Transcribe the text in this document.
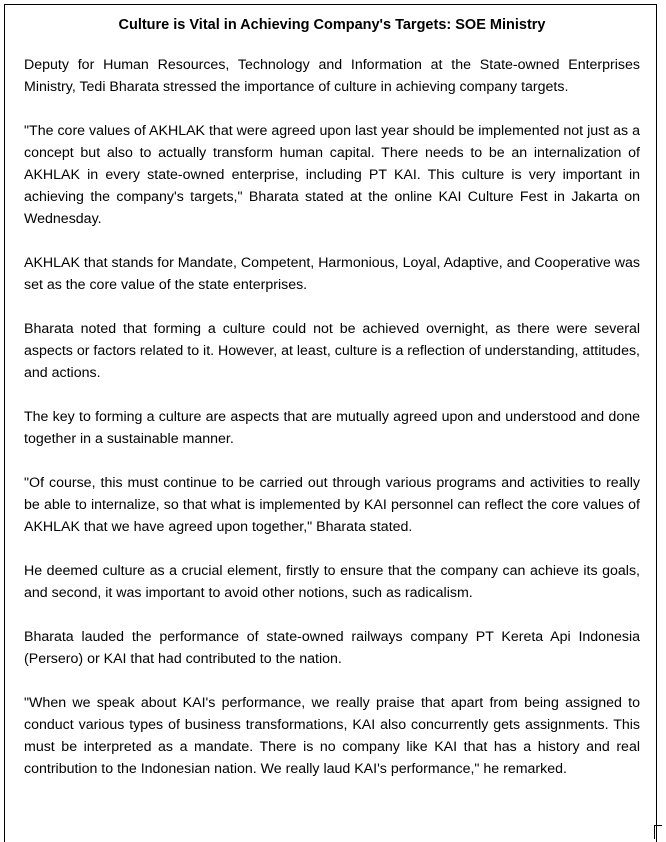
Culture is Vital in Achieving Company's Targets: SOE Ministry

Deputy for Human Resources, Technology and Information at the State-owned Enterprises Ministry, Tedi Bharata stressed the importance of culture in achieving company targets.

"The core values of AKHLAK that were agreed upon last year should be implemented not just as a concept but also to actually transform human capital. There needs to be an internalization of AKHLAK in every state-owned enterprise, including PT KAI. This culture is very important in achieving the company's targets," Bharata stated at the online KAI Culture Fest in Jakarta on Wednesday.

AKHLAK that stands for Mandate, Competent, Harmonious, Loyal, Adaptive, and Cooperative was set as the core value of the state enterprises.

Bharata noted that forming a culture could not be achieved overnight, as there were several aspects or factors related to it. However, at least, culture is a reflection of understanding, attitudes, and actions.

The key to forming a culture are aspects that are mutually agreed upon and understood and done together in a sustainable manner.

"Of course, this must continue to be carried out through various programs and activities to really be able to internalize, so that what is implemented by KAI personnel can reflect the core values of AKHLAK that we have agreed upon together," Bharata stated.

He deemed culture as a crucial element, firstly to ensure that the company can achieve its goals, and second, it was important to avoid other notions, such as radicalism.

Bharata lauded the performance of state-owned railways company PT Kereta Api Indonesia (Persero) or KAI that had contributed to the nation.

"When we speak about KAI's performance, we really praise that apart from being assigned to conduct various types of business transformations, KAI also concurrently gets assignments. This must be interpreted as a mandate. There is no company like KAI that has a history and real contribution to the Indonesian nation. We really laud KAI's performance," he remarked.
